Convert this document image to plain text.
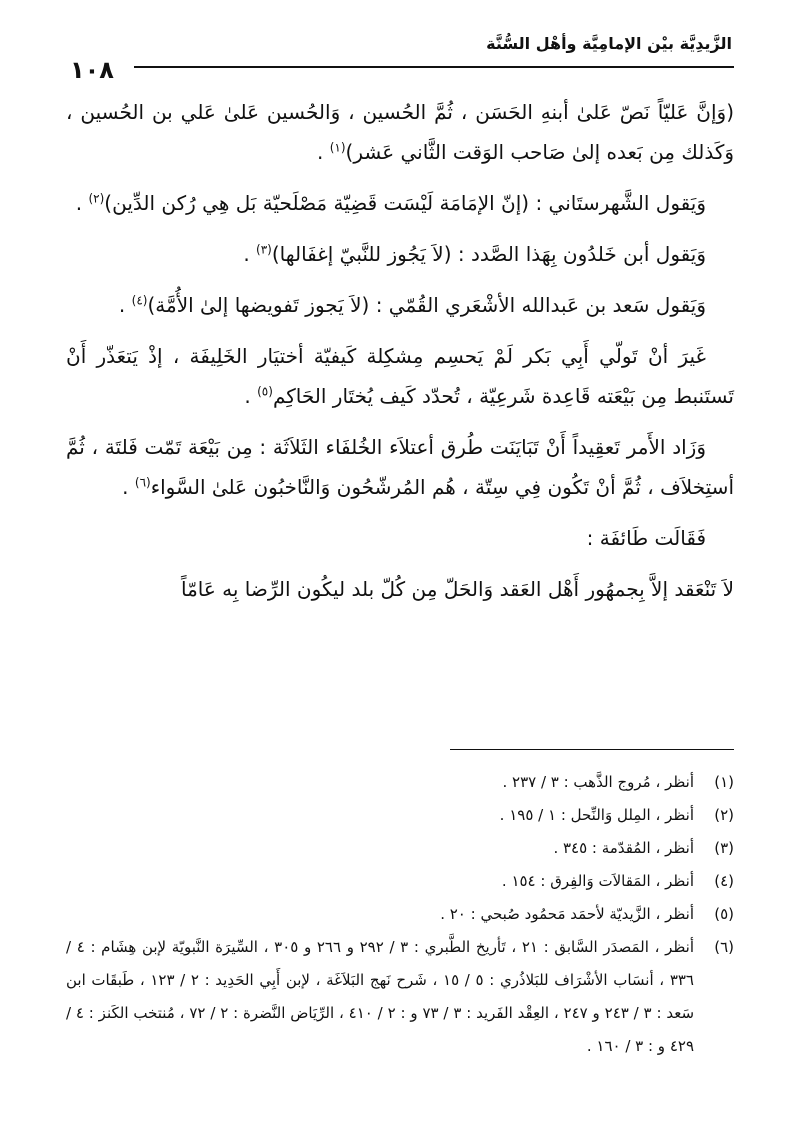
الزَّيدِيَّة بيْن الإمامِيَّة وأهْل السُّنَّة
١٠٨

(وَإنَّ عَليّاً نَصّ عَلىٰ أبنهِ الحَسَن ، ثُمَّ الحُسين ، وَالحُسين عَلىٰ عَلي بن الحُسين ، وَكَذلك مِن بَعده إلىٰ صَاحب الوَقت الثَّاني عَشر)$^{(١)}$ .

وَيَقول الشَّهرستَاني : (إنّ الإمَامَة لَيْسَت قَضِيّة مَصْلَحيّة بَل هِي رُكن الدِّين)$^{(٢)}$ .

وَيَقول أبن خَلدُون بِهَذا الصَّدد : (لاَ يَجُوز للنَّبيّ إغفَالها)$^{(٣)}$ .

وَيَقول سَعد بن عَبدالله الأشْعَري القُمّي : (لاَ يَجوز تَفويضها إلىٰ الأُمَّة)$^{(٤)}$ .

غَيرَ أنْ تَولّي أَبِي بَكر لَمْ يَحسِم مِشكِلة كَيفيّة أختيَار الخَلِيفَة ، إذْ يَتعَذّر أَنْ تَستَنبط مِن بَيْعَته قَاعِدة شَرعِيّة ، تُحدّد كَيف يُختَار الحَاكِم$^{(٥)}$ .

وَزَاد الأَمر تَعقِيداً أَنْ تَبَايَنَت طُرق أعتلاَء الخُلفَاء الثَلاَثَة : مِن بَيْعَة تَمّت فَلتَة ، ثُمَّ أستِخلاَف ، ثُمَّ أنْ تَكُون فِي سِتّة ، هُم المُرشّحُون وَالنَّاخبُون عَلىٰ السَّواء$^{(٦)}$ .

فَقَالَت طَائفَة :

لاَ تَنْعَقد إلاَّ بِجمهُور أَهْل العَقد وَالحَلّ مِن كُلّ بلد ليكُون الرِّضا بِه عَامّاً

(١)
أنظر ، مُروج الذَّهب : ٣ / ٢٣٧ .
(٢)
أنظر ، المِلل وَالنِّحل : ١ / ١٩٥ .
(٣)
أنظر ، المُقدّمة : ٣٤٥ .
(٤)
أنظر ، المَقالاَت وَالفِرق : ١٥٤ .
(٥)
أنظر ، الزَّيديّة لأحمَد مَحمُود صُبحي : ٢٠ .
(٦)
أنظر ، المَصدَر السَّابق : ٢١ ، تَأريخ الطَّبري : ٣ / ٢٩٢ و ٢٦٦ و ٣٠٥ ، السِّيرَة النَّبويّة لإبن هِشَام : ٤ / ٣٣٦ ، أنسَاب الأشْرَاف للبَلاذُري : ٥ / ١٥ ، شَرح نَهج البَلاَغَة ، لإبن أَبِي الحَدِيد : ٢ / ١٢٣ ، طَبقَات ابن سَعد : ٣ / ٢٤٣ و ٢٤٧ ، العِقْد الفَريد : ٣ / ٧٣ و : ٢ / ٤١٠ ، الرِّيَاض النَّضرة : ٢ / ٧٢ ، مُنتخب الكَنز : ٤ / ٤٢٩ و : ٣ / ١٦٠ .
